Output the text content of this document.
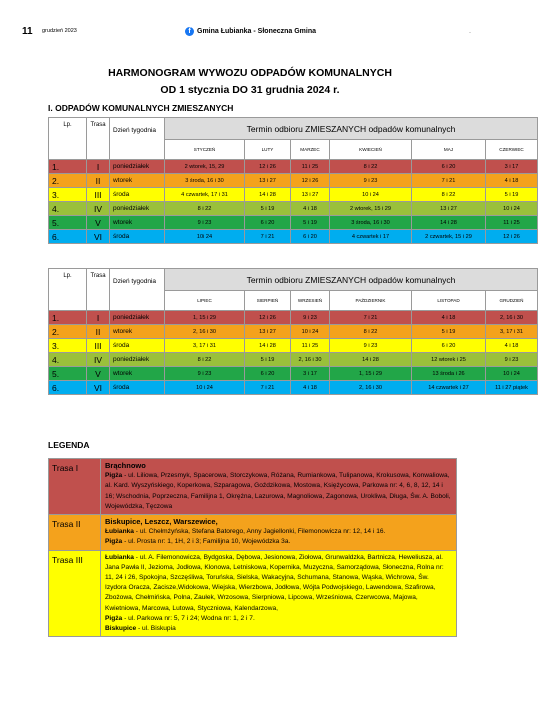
11 grudzień 2023	f Gmina Łubianka - Słoneczna Gmina	-
HARMONOGRAM WYWOZU ODPADÓW KOMUNALNYCH
OD 1 stycznia DO 31 grudnia 2024 r.
I. ODPADÓW KOMUNALNYCH ZMIESZANYCH
Lp.	Trasa	Dzień tygodnia	Termin odbioru ZMIESZANYCH odpadów komunalnych					
			STYCZEŃ	LUTY	MARZEC	KWIECIEŃ	MAJ	CZERWIEC
1.	I	poniedziałek	2 wtorek, 15, 29	12 i 26	11 i 25	8 i 22	6 i 20	3 i 17
2.	II	wtorek	3 środa, 16 i 30	13 i 27	12 i 26	9 i 23	7 i 21	4 i 18
3.	III	środa	4 czwartek, 17 i 31	14 i 28	13 i 27	10 i 24	8 i 22	5 i 19
4.	IV	poniedziałek	8 i 22	5 i 19	4 i 18	2 wtorek, 15 i 29	13 i 27	10 i 24
5.	V	wtorek	9 i 23	6 i 20	5 i 19	3 środa, 16 i 30	14 i 28	11 i 25
6.	VI	środa	10i 24	7 i 21	6 i 20	4 czwartek i 17	2 czwartek, 15 i 29	12 i 26
Lp.	Trasa	Dzień tygodnia	Termin odbioru ZMIESZANYCH odpadów komunalnych					
			LIPIEC	SIERPIEŃ	WRZESIEŃ	PAŹDZIERNIK	LISTOPAD	GRUDZIEŃ
1.	I	poniedziałek	1, 15 i 29	12 i 26	9 i 23	7 i 21	4 i 18	2, 16 i 30
2.	II	wtorek	2, 16 i 30	13 i 27	10 i 24	8 i 22	5 i 19	3, 17 i 31
3.	III	środa	3, 17 i 31	14 i 28	11 i 25	9 i 23	6 i 20	4 i 18
4.	IV	poniedziałek	8 i 22	5 i 19	2, 16 i 30	14 i 28	12 wtorek i 25	9 i 23
5.	V	wtorek	9 i 23	6 i 20	3 i 17	1, 15 i 29	13 środa i 26	10 i 24
6.	VI	środa	10 i 24	7 i 21	4 i 18	2, 16 i 30	14 czwartek i 27	11 i 27 piątek
LEGENDA
Trasa I	Brąchnowo
Pigża - ul. Liliowa, Przesmyk, Spacerowa, Storczykowa, Różana, Rumiankowa, Tulipanowa, Krokusowa, Konwaliowa, al. Kard. Wyszyńskiego, Koperkowa, Szparagowa, Goździkowa, Mostowa, Księżycowa, Parkowa nr: 4, 6, 8, 12, 14 i 16; Wschodnia, Poprzeczna, Familijna 1, Okrężna, Lazurowa, Magnoliowa, Zagonowa, Urokliwa, Długa, Św. A. Boboli, Wojewódzka, Tęczowa

Trasa II	Biskupice, Leszcz, Warszewice,
Łubianka - ul. Chełmżyńska, Stefana Batorego, Anny Jagiellonki, Filemonowicza nr: 12, 14 i 16.
Pigża - ul. Prosta nr: 1, 1H, 2 i 3; Familijna 10, Wojewódzka 3a.

Trasa III	Łubianka - ul. A. Filemonowicza, Bydgoska, Dębowa, Jesionowa, Ziołowa, Grunwaldzka, Bartnicza, Heweliusza, al. Jana Pawła II, Jezioma, Jodłowa, Klonowa, Letniskowa, Kopernika, Muzyczna, Samorządowa, Słoneczna, Rolna nr: 11, 24 i 26, Spokojna, Szczęśliwa, Toruńska, Sielska, Wakacyjna, Schumana, Stanowa, Wąska, Wichrowa, Św. Izydora Oracza, Zacisze,Widokowa, Wiejska, Wierzbowa, Jodłowa, Wójta Podwojskiego, Lawendowa, Szafirowa, Zbożowa, Chełmińska, Polna, Zaułek, Wrzosowa, Sierpniowa, Lipcowa, Wrześniowa, Czerwcowa, Majowa, Kwietniowa, Marcowa, Lutowa, Styczniowa, Kalendarzowa,
Pigża - ul. Parkowa nr: 5, 7 i 24; Wodna nr: 1, 2 i 7.
Biskupice - ul. Biskupia
